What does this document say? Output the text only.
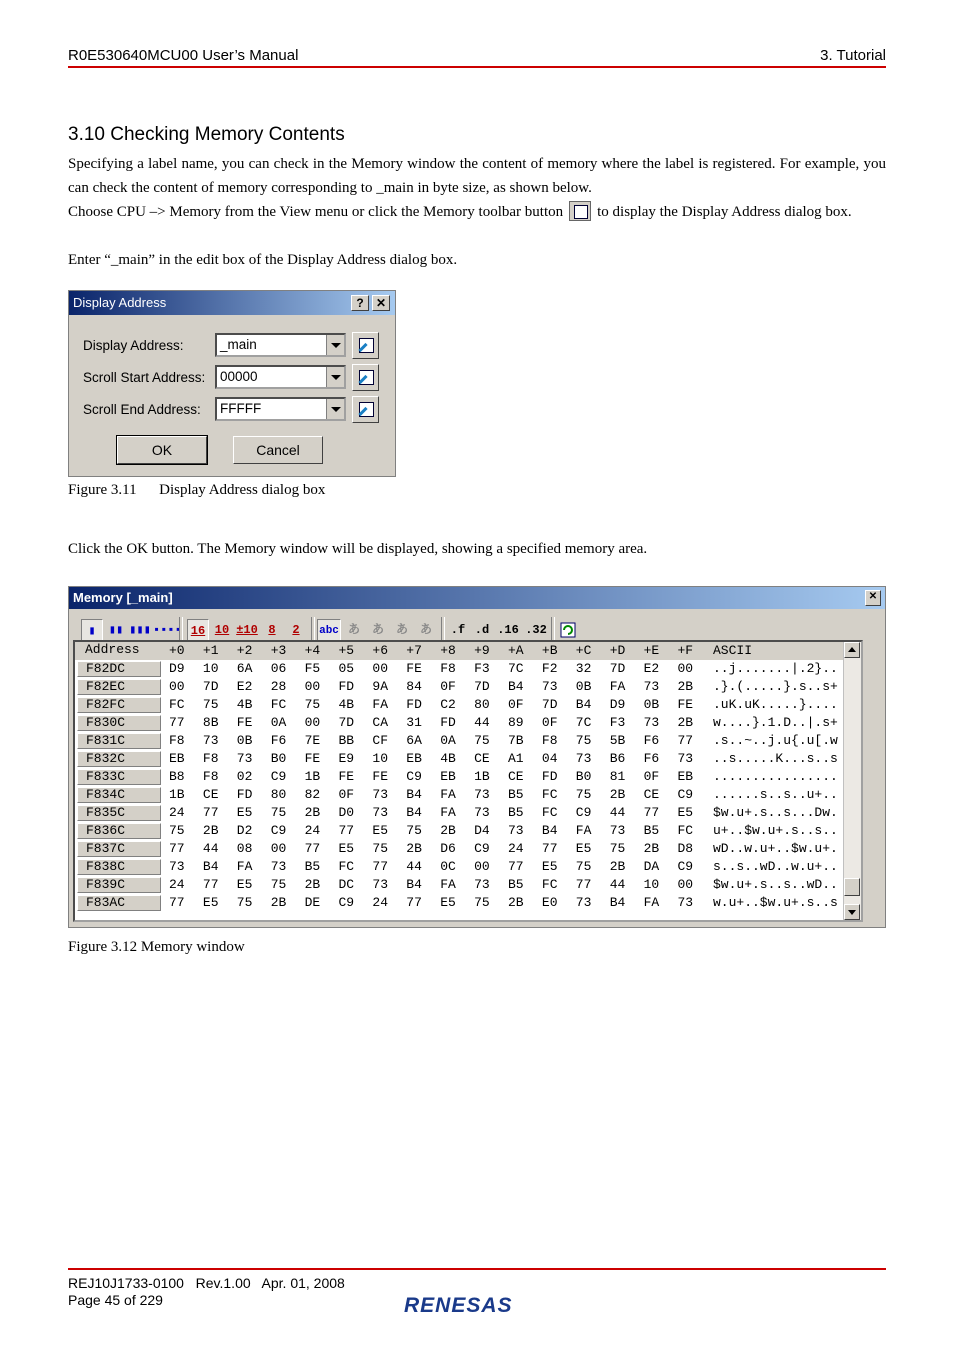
R0E530640MCU00 User’s Manual	3. Tutorial
3.10 Checking Memory Contents
Specifying a label name, you can check in the Memory window the content of memory where the label is registered. For example, you can check the content of memory corresponding to _main in byte size, as shown below.
Choose CPU –> Memory from the View menu or click the Memory toolbar button to display the Display Address dialog box.
Enter “_main” in the edit box of the Display Address dialog box.
Display Address	?	✕
Display Address:	_main
Scroll Start Address:	00000
Scroll End Address:	FFFFF
OK	Cancel
Figure 3.11      Display Address dialog box
Click the OK button. The Memory window will be displayed, showing a specified memory area.
Memory [_main]	✕
▮	▮▮ ▮▮▮ ▪▪▪▪ 16 10 ±10 8	2	abc あ あ あ あ	.f .d .16 .32
Address	+0	+1	+2	+3	+4	+5	+6	+7	+8	+9	+A	+B	+C	+D	+E	+F	ASCII
F82DC	D9	10	6A	06	F5	05	00	FE	F8	F3	7C	F2	32	7D	E2	00	..j.......|.2}..
F82EC	00	7D	E2	28	00	FD	9A	84	0F	7D	B4	73	0B	FA	73	2B	.}.(.....}.s..s+
F82FC	FC	75	4B	FC	75	4B	FA	FD	C2	80	0F	7D	B4	D9	0B	FE	.uK.uK.....}....
F830C	77	8B	FE	0A	00	7D	CA	31	FD	44	89	0F	7C	F3	73	2B	w....}.1.D..|.s+
F831C	F8	73	0B	F6	7E	BB	CF	6A	0A	75	7B	F8	75	5B	F6	77	.s..~..j.u{.u[.w
F832C	EB	F8	73	B0	FE	E9	10	EB	4B	CE	A1	04	73	B6	F6	73	..s.....K...s..s
F833C	B8	F8	02	C9	1B	FE	FE	C9	EB	1B	CE	FD	B0	81	0F	EB	................
F834C	1B	CE	FD	80	82	0F	73	B4	FA	73	B5	FC	75	2B	CE	C9	......s..s..u+..
F835C	24	77	E5	75	2B	D0	73	B4	FA	73	B5	FC	C9	44	77	E5	$w.u+.s..s...Dw.
F836C	75	2B	D2	C9	24	77	E5	75	2B	D4	73	B4	FA	73	B5	FC	u+..$w.u+.s..s..
F837C	77	44	08	00	77	E5	75	2B	D6	C9	24	77	E5	75	2B	D8	wD..w.u+..$w.u+.
F838C	73	B4	FA	73	B5	FC	77	44	0C	00	77	E5	75	2B	DA	C9	s..s..wD..w.u+..
F839C	24	77	E5	75	2B	DC	73	B4	FA	73	B5	FC	77	44	10	00	$w.u+.s..s..wD..
F83AC	77	E5	75	2B	DE	C9	24	77	E5	75	2B	E0	73	B4	FA	73	w.u+..$w.u+.s..s
Figure 3.12 Memory window
REJ10J1733-0100   Rev.1.00   Apr. 01, 2008
Page 45 of 229	RENESAS
